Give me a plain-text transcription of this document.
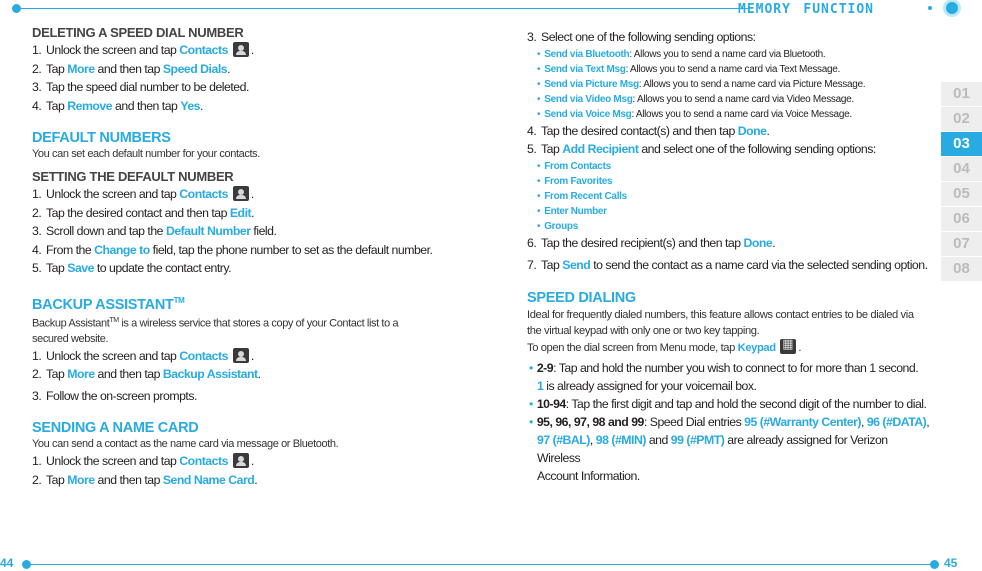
memory function
44	45
01
02
03
04
05
06
07
08
DELETING A SPEED DIAL NUMBER
1. Unlock the screen and tap Contacts .
2. Tap More and then tap Speed Dials.
3. Tap the speed dial number to be deleted.
4. Tap Remove and then tap Yes.
DEFAULT NUMBERS
You can set each default number for your contacts.
SETTING THE DEFAULT NUMBER
1. Unlock the screen and tap Contacts .
2. Tap the desired contact and then tap Edit.
3. Scroll down and tap the Default Number field.
4. From the Change to field, tap the phone number to set as the default number.
5. Tap Save to update the contact entry.
BACKUP ASSISTANT™
Backup Assistant™ is a wireless service that stores a copy of your Contact list to a
secured website.
1. Unlock the screen and tap Contacts .
2. Tap More and then tap Backup Assistant.
3. Follow the on-screen prompts.
SENDING A NAME CARD
You can send a contact as the name card via message or Bluetooth.
1. Unlock the screen and tap Contacts .
2. Tap More and then tap Send Name Card.
3. Select one of the following sending options:
• Send via Bluetooth: Allows you to send a name card via Bluetooth.
• Send via Text Msg: Allows you to send a name card via Text Message.
• Send via Picture Msg: Allows you to send a name card via Picture Message.
• Send via Video Msg: Allows you to send a name card via Video Message.
• Send via Voice Msg: Allows you to send a name card via Voice Message.
4. Tap the desired contact(s) and then tap Done.
5. Tap Add Recipient and select one of the following sending options:
• From Contacts
• From Favorites
• From Recent Calls
• Enter Number
• Groups
6. Tap the desired recipient(s) and then tap Done.
7. Tap Send to send the contact as a name card via the selected sending option.
SPEED DIALING
Ideal for frequently dialed numbers, this feature allows contact entries to be dialed via
the virtual keypad with only one or two key tapping.
To open the dial screen from Menu mode, tap Keypad ▦ .
• 2-9: Tap and hold the number you wish to connect to for more than 1 second.
1 is already assigned for your voicemail box.
• 10-94: Tap the first digit and tap and hold the second digit of the number to dial.
• 95, 96, 97, 98 and 99: Speed Dial entries 95 (#Warranty Center), 96 (#DATA),
97 (#BAL), 98 (#MIN) and 99 (#PMT) are already assigned for Verizon Wireless
Account Information.
